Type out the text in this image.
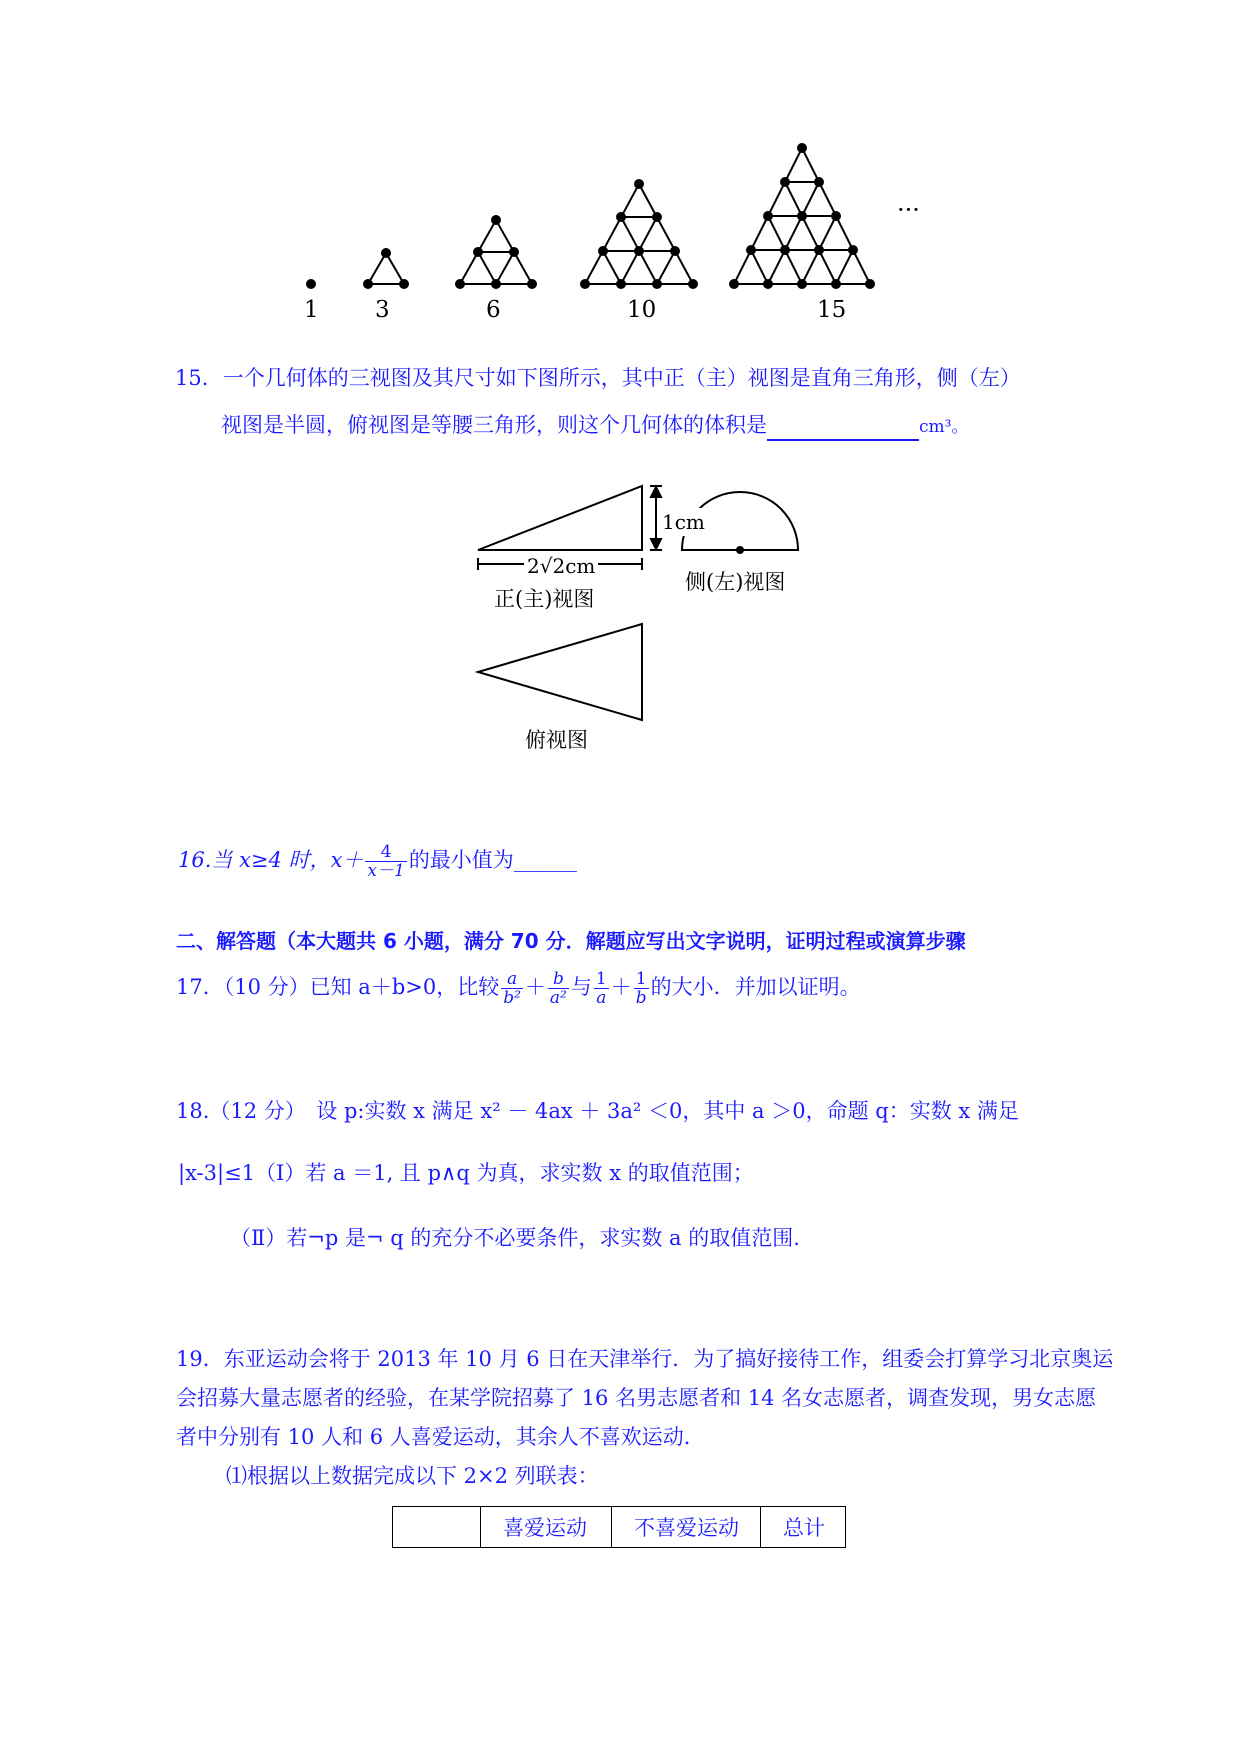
1 3	6	10	15
···
15．一个几何体的三视图及其尺寸如下图所示，其中正（主）视图是直角三角形，侧（左）
视图是半圆，俯视图是等腰三角形，则这个几何体的体积是	cm³。
1cm
2√2cm
正(主)视图
侧(左)视图
俯视图
16.当 x≥4 时，$x+ \frac{4}{x-1}$ 的最小值为______
二、解答题（本大题共 6 小题，满分 70 分．解题应写出文字说明，证明过程或演算步骤
17．（10 分）已知 a＋b>0，比较 $\frac{a}{\text{b²}} + \frac{b}{\text{a²}}$ 与 $\frac{1}{a} + \frac{1}{b}$ 的大小．并加以证明。
18.（12 分）　设 p:实数 x 满足 x² － 4ax ＋ 3a² ＜0，其中 a ＞0，命题 q：实数 x 满足
|x-3|≤1（Ⅰ）若 a ＝1, 且 p∧q 为真，求实数 x 的取值范围；
（Ⅱ）若¬p 是¬ q 的充分不必要条件，求实数 a 的取值范围.
19．东亚运动会将于 2013 年 10 月 6 日在天津举行．为了搞好接待工作，组委会打算学习北京奥运
会招募大量志愿者的经验，在某学院招募了 16 名男志愿者和 14 名女志愿者，调查发现，男女志愿
者中分别有 10 人和 6 人喜爱运动，其余人不喜欢运动．
⑴根据以上数据完成以下 2×2 列联表：
	喜爱运动	不喜爱运动	总计
